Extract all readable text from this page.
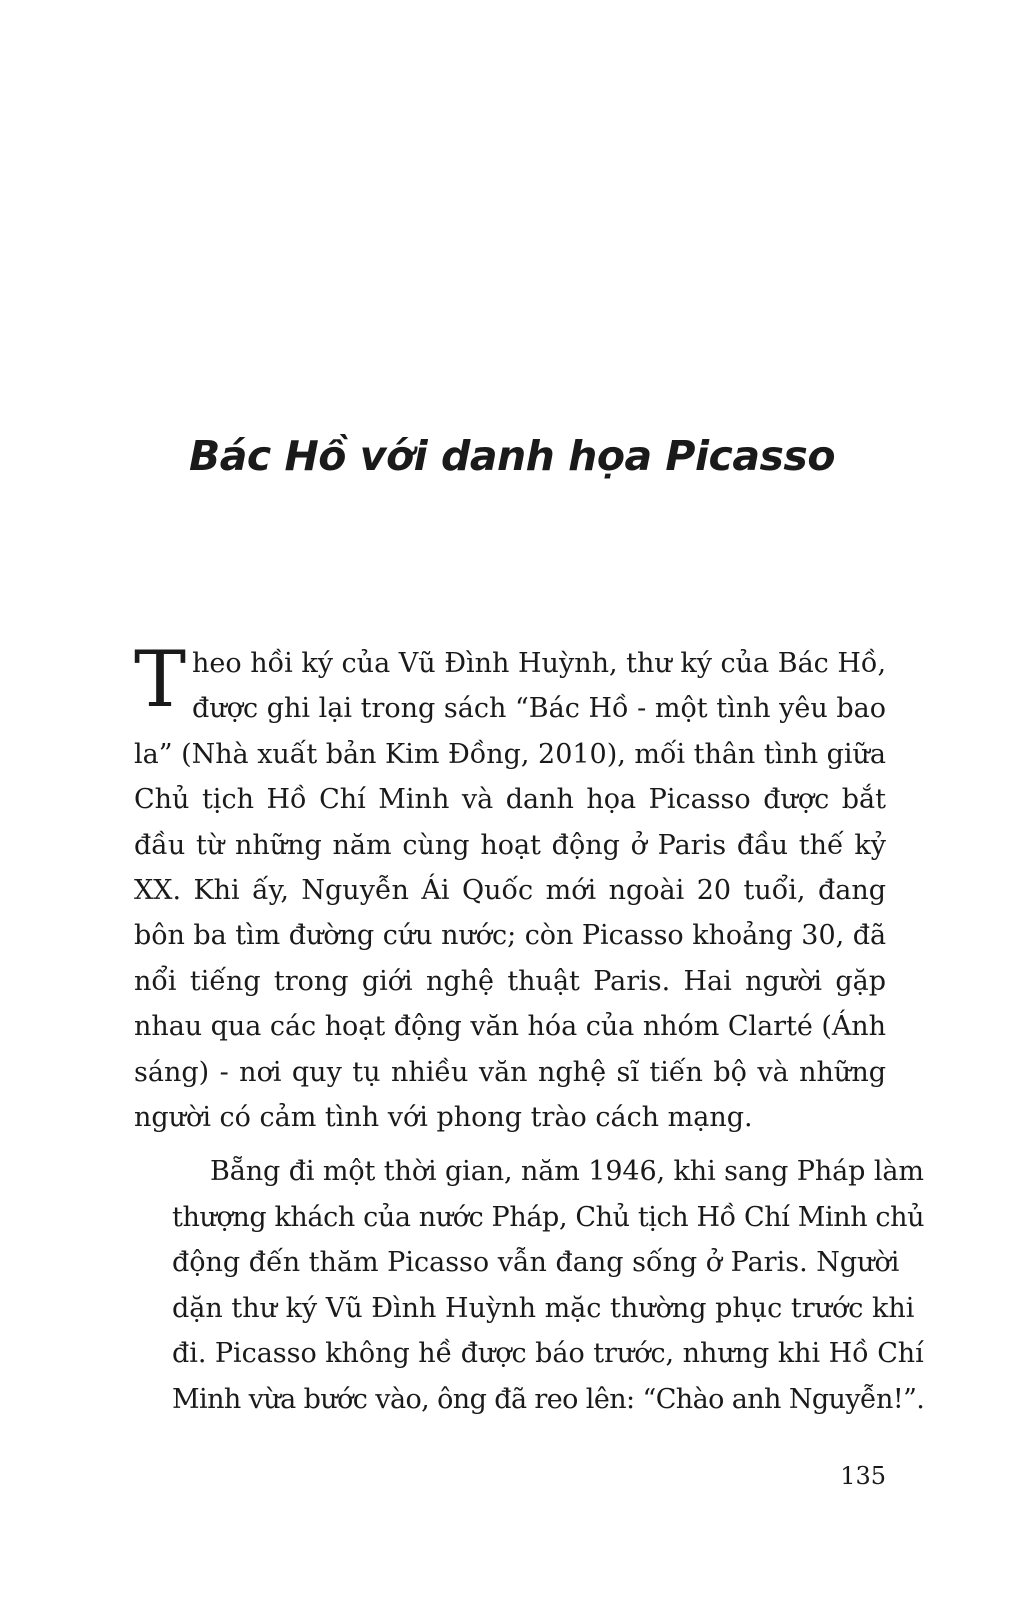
Bác Hồ với danh họa Picasso
T heo hồi ký của Vũ Đình Huỳnh, thư ký của Bác Hồ,
được ghi lại trong sách “Bác Hồ - một tình yêu bao
la” (Nhà xuất bản Kim Đồng, 2010), mối thân tình giữa
Chủ tịch Hồ Chí Minh và danh họa Picasso được bắt
đầu từ những năm cùng hoạt động ở Paris đầu thế kỷ
XX. Khi ấy, Nguyễn Ái Quốc mới ngoài 20 tuổi, đang
bôn ba tìm đường cứu nước; còn Picasso khoảng 30, đã
nổi tiếng trong giới nghệ thuật Paris. Hai người gặp
nhau qua các hoạt động văn hóa của nhóm Clarté (Ánh
sáng) - nơi quy tụ nhiều văn nghệ sĩ tiến bộ và những
người có cảm tình với phong trào cách mạng.
Bẵng đi một thời gian, năm 1946, khi sang Pháp làm
thượng khách của nước Pháp, Chủ tịch Hồ Chí Minh chủ
động đến thăm Picasso vẫn đang sống ở Paris. Người
dặn thư ký Vũ Đình Huỳnh mặc thường phục trước khi
đi. Picasso không hề được báo trước, nhưng khi Hồ Chí
Minh vừa bước vào, ông đã reo lên: “Chào anh Nguyễn!”.
135
